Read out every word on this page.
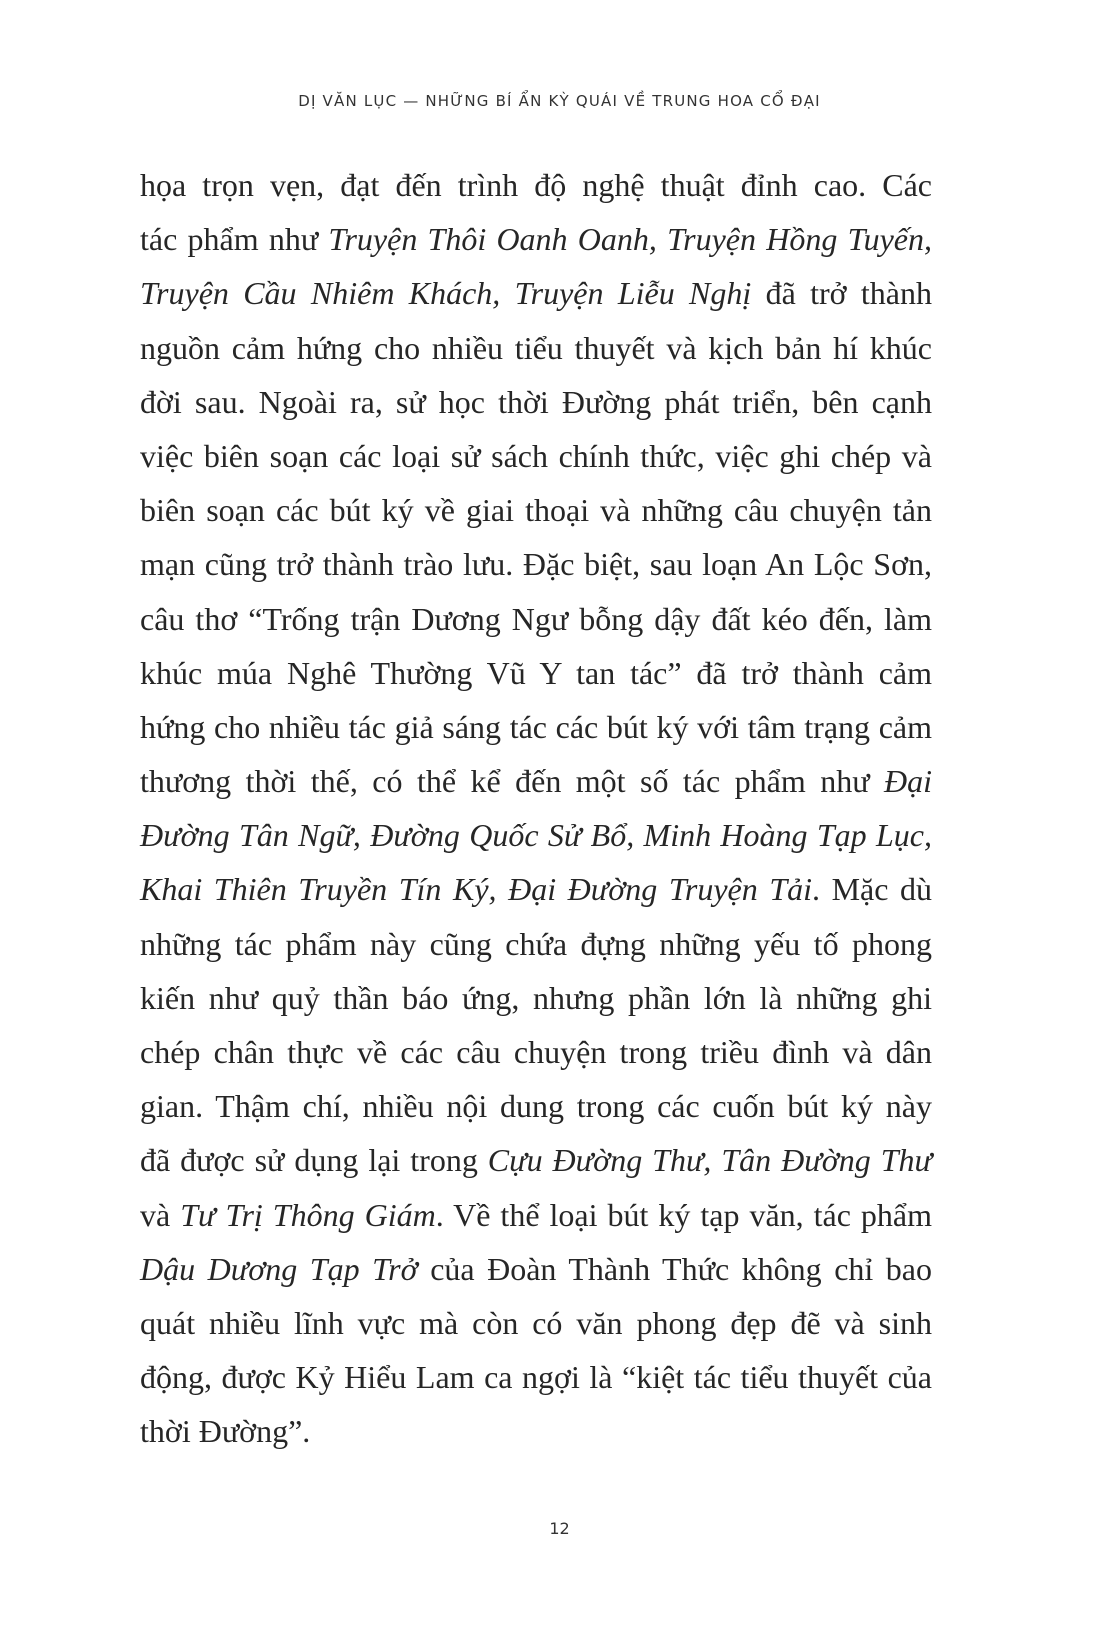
DỊ VĂN LỤC — NHỮNG BÍ ẨN KỲ QUÁI VỀ TRUNG HOA CỔ ĐẠI
họa trọn vẹn, đạt đến trình độ nghệ thuật đỉnh cao. Các
tác phẩm như Truyện Thôi Oanh Oanh, Truyện Hồng Tuyến,
Truyện Cầu Nhiêm Khách, Truyện Liễu Nghị đã trở thành
nguồn cảm hứng cho nhiều tiểu thuyết và kịch bản hí khúc
đời sau. Ngoài ra, sử học thời Đường phát triển, bên cạnh
việc biên soạn các loại sử sách chính thức, việc ghi chép và
biên soạn các bút ký về giai thoại và những câu chuyện tản
mạn cũng trở thành trào lưu. Đặc biệt, sau loạn An Lộc Sơn,
câu thơ “Trống trận Dương Ngư bỗng dậy đất kéo đến, làm
khúc múa Nghê Thường Vũ Y tan tác” đã trở thành cảm
hứng cho nhiều tác giả sáng tác các bút ký với tâm trạng cảm
thương thời thế, có thể kể đến một số tác phẩm như Đại
Đường Tân Ngữ, Đường Quốc Sử Bổ, Minh Hoàng Tạp Lục,
Khai Thiên Truyền Tín Ký, Đại Đường Truyện Tải. Mặc dù
những tác phẩm này cũng chứa đựng những yếu tố phong
kiến như quỷ thần báo ứng, nhưng phần lớn là những ghi
chép chân thực về các câu chuyện trong triều đình và dân
gian. Thậm chí, nhiều nội dung trong các cuốn bút ký này
đã được sử dụng lại trong Cựu Đường Thư, Tân Đường Thư
và Tư Trị Thông Giám. Về thể loại bút ký tạp văn, tác phẩm
Dậu Dương Tạp Trở của Đoàn Thành Thức không chỉ bao
quát nhiều lĩnh vực mà còn có văn phong đẹp đẽ và sinh
động, được Kỷ Hiểu Lam ca ngợi là “kiệt tác tiểu thuyết của
thời Đường”.
12
